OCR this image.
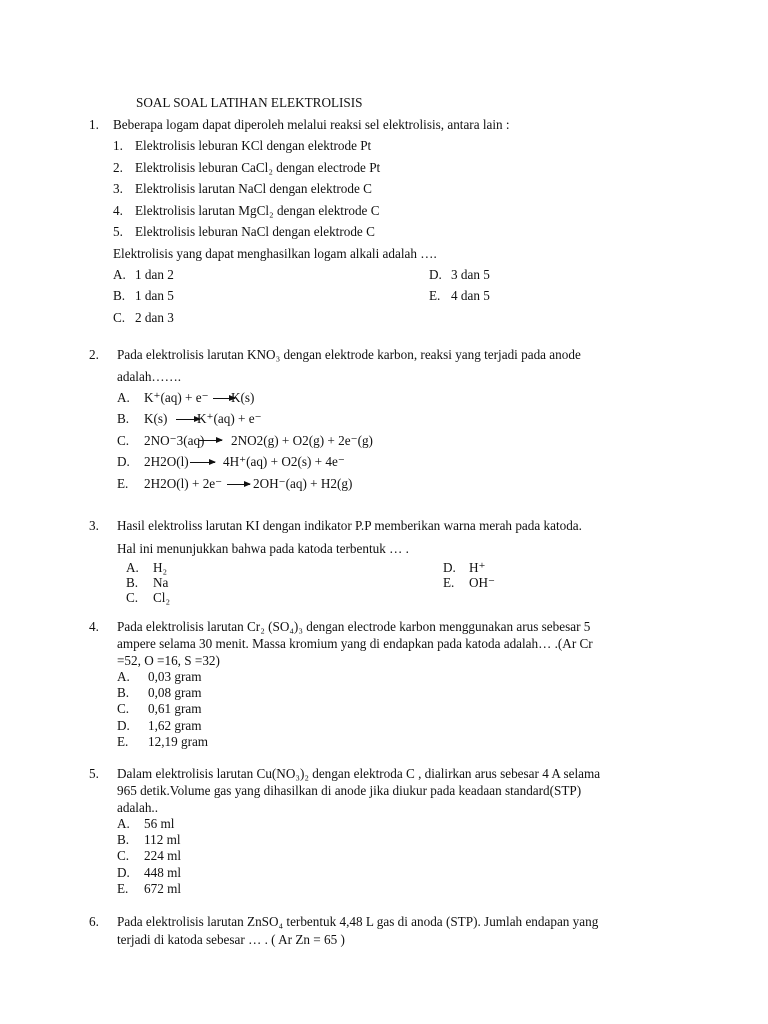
SOAL SOAL LATIHAN ELEKTROLISIS
1. Beberapa logam dapat diperoleh melalui reaksi sel elektrolisis, antara lain :
1. Elektrolisis leburan KCl dengan elektrode Pt
2. Elektrolisis leburan CaCl₂ dengan electrode Pt
3. Elektrolisis larutan NaCl dengan elektrode C
4. Elektrolisis larutan MgCl₂ dengan elektrode C
5. Elektrolisis leburan NaCl dengan elektrode C
Elektrolisis yang dapat menghasilkan logam alkali adalah ….
A. 1 dan 2
B. 1 dan 5
C. 2 dan 3
D. 3 dan 5
E. 4 dan 5
2. Pada elektrolisis larutan KNO₃ dengan elektrode karbon, reaksi yang terjadi pada anode
adalah…….
A. K⁺(aq) + e⁻ K(s)
B. K(s) K⁺(aq) + e⁻
C. 2NO⁻3(aq) 2NO2(g) + O2(g) + 2e⁻(g)
D. 2H2O(l)	4H⁺(aq) + O2(s) + 4e⁻
E. 2H2O(l) + 2e⁻ 2OH⁻(aq) + H2(g)
3. Hasil elektroliss larutan KI dengan indikator P.P memberikan warna merah pada katoda.
Hal ini menunjukkan bahwa pada katoda terbentuk … .
A. H₂
B. Na
C. Cl₂
D. H⁺
E. OH⁻
4. Pada elektrolisis larutan Cr₂ (SO₄)₃ dengan electrode karbon menggunakan arus sebesar 5
ampere selama 30 menit. Massa kromium yang di endapkan pada katoda adalah… .(Ar Cr
=52, O =16, S =32)
A. 0,03 gram
B. 0,08 gram
C. 0,61 gram
D. 1,62 gram
E. 12,19 gram
5. Dalam elektrolisis larutan Cu(NO₃)₂ dengan elektroda C , dialirkan arus sebesar 4 A selama
965 detik.Volume gas yang dihasilkan di anode jika diukur pada keadaan standard(STP)
adalah..
A. 56 ml
B. 112 ml
C. 224 ml
D. 448 ml
E. 672 ml
6. Pada elektrolisis larutan ZnSO₄ terbentuk 4,48 L gas di anoda (STP). Jumlah endapan yang
terjadi di katoda sebesar … . ( Ar Zn = 65 )
